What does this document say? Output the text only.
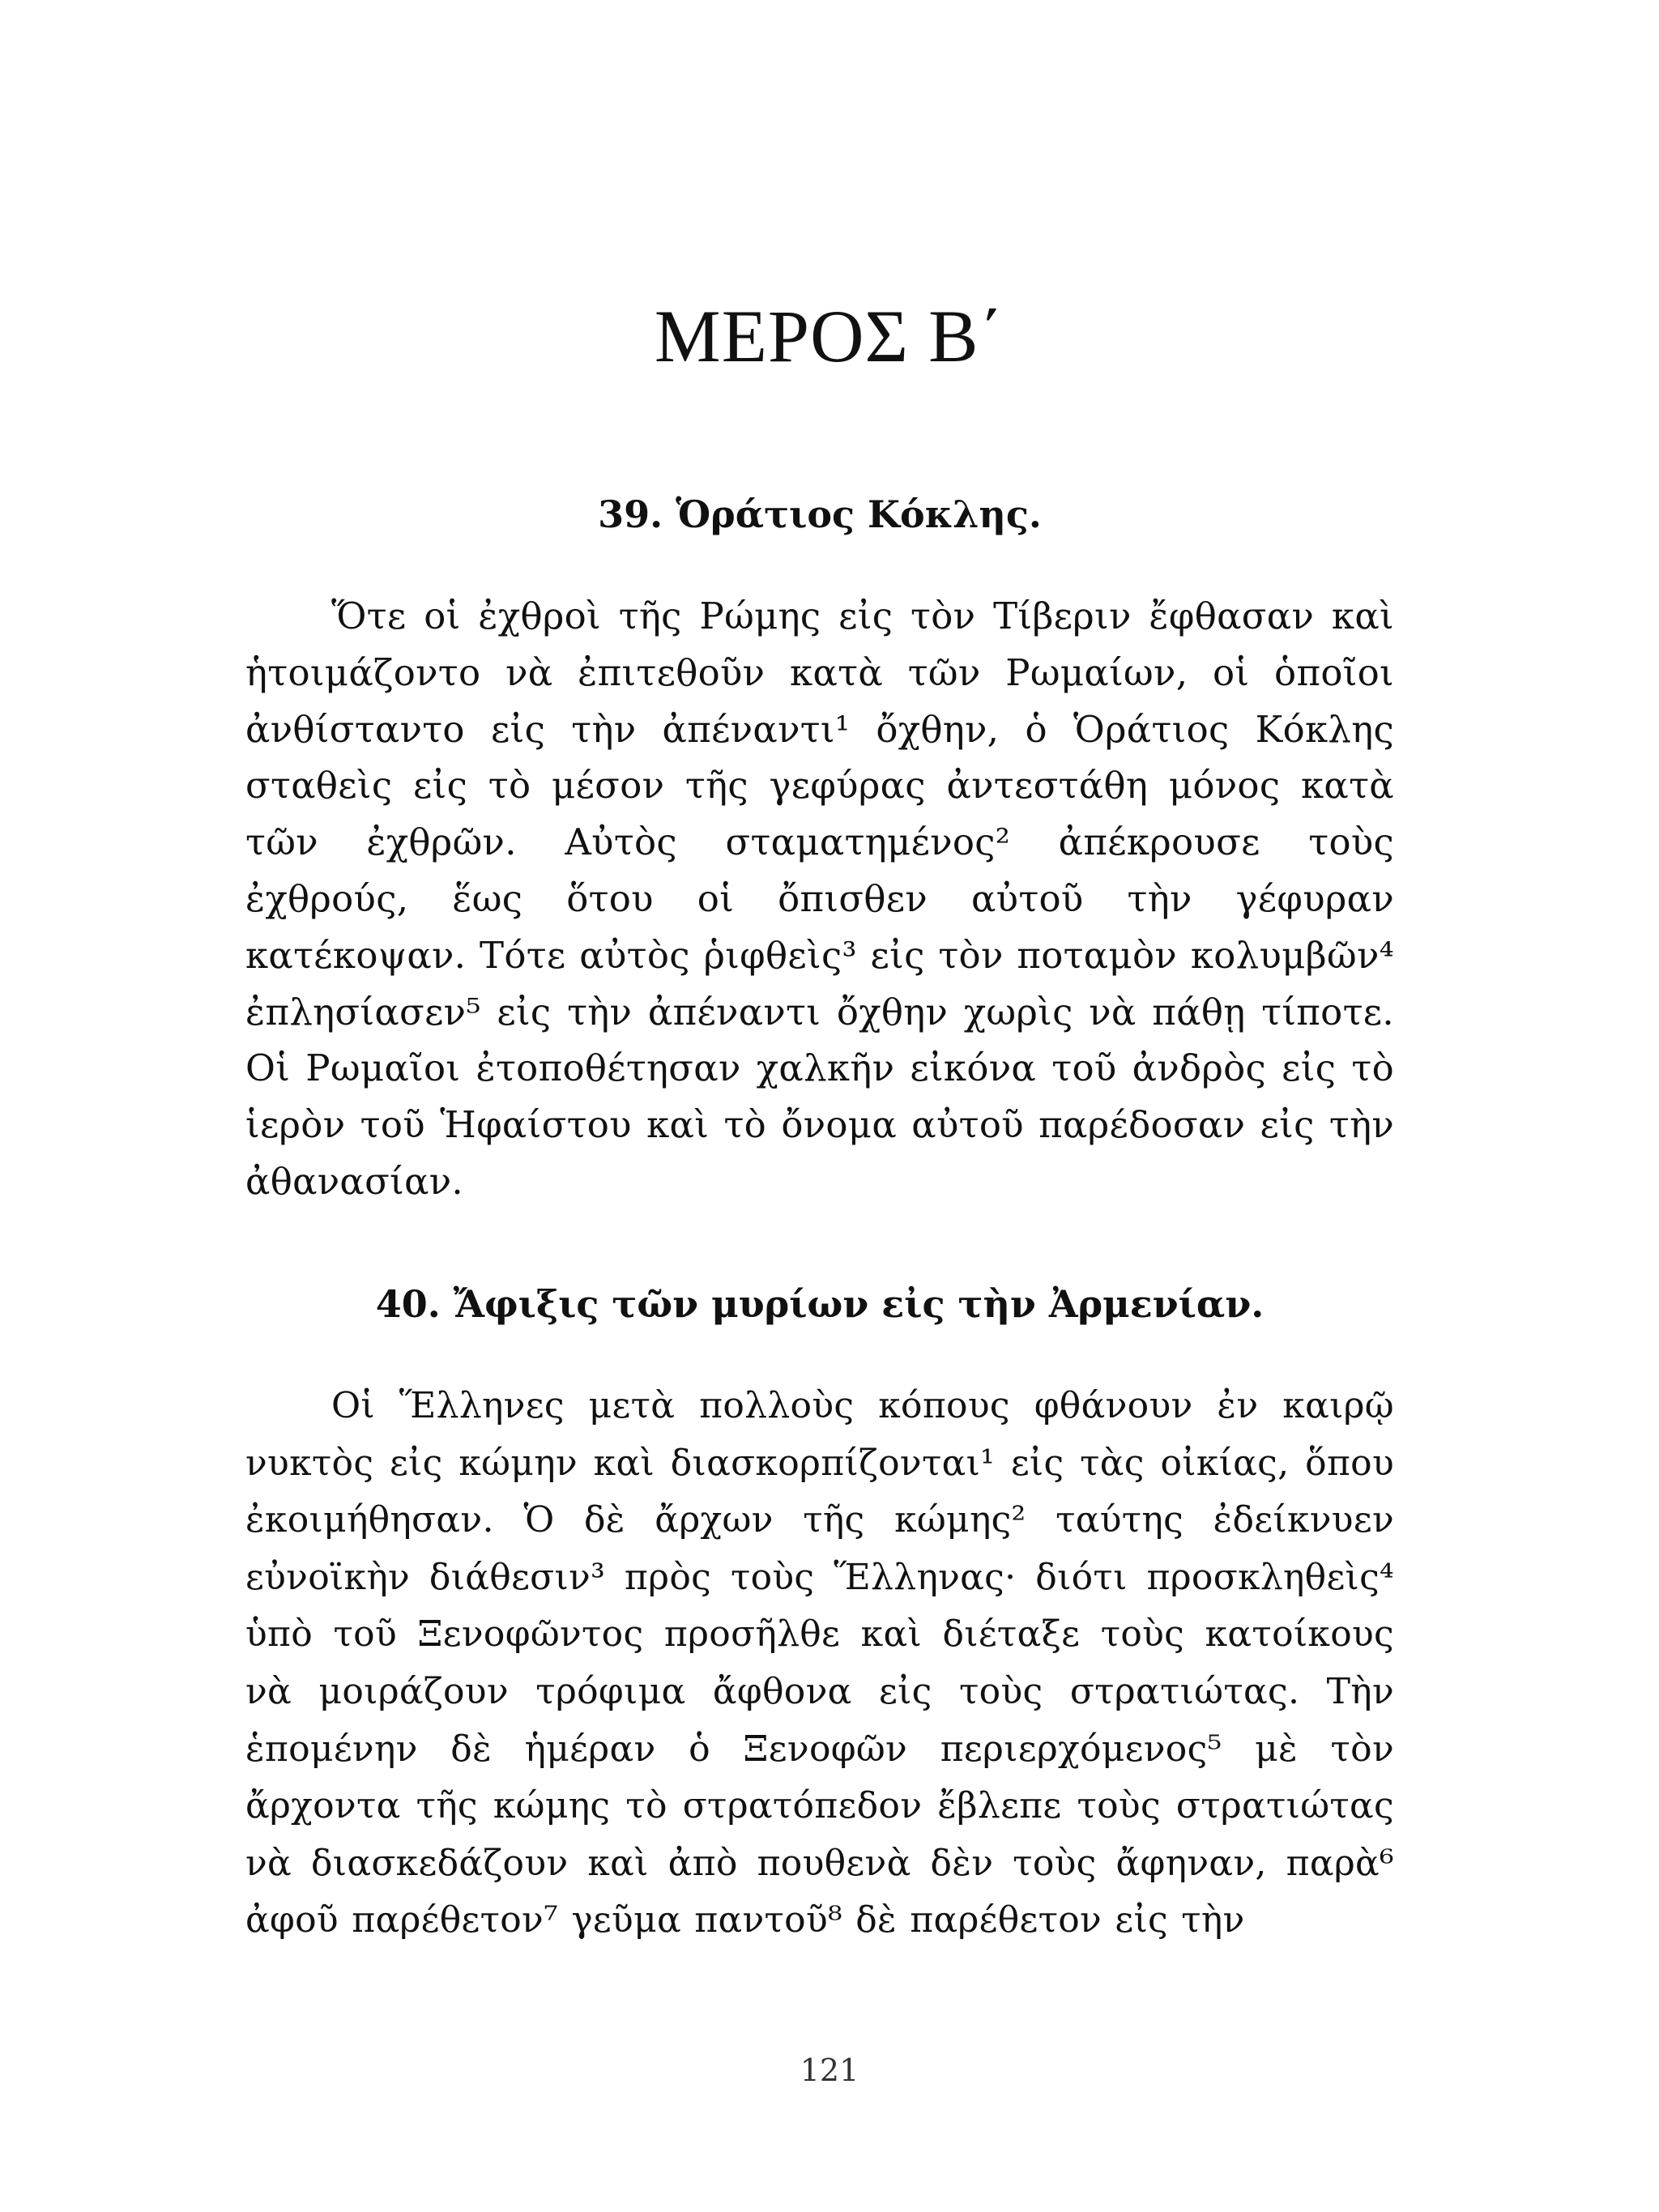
ΜΕΡΟΣ Β΄
39. Ὁράτιος Κόκλης.

Ὅτε οἱ ἐχθροὶ τῆς Ρώμης εἰς τὸν Τίβεριν ἔφθασαν καὶ ἡτοιμάζοντο νὰ ἐπιτεθοῦν κατὰ τῶν Ρωμαίων, οἱ ὁποῖοι ἀνθίσταντο εἰς τὴν ἀπέναντι¹ ὄχθην, ὁ Ὁράτιος Κόκλης σταθεὶς εἰς τὸ μέσον τῆς γεφύρας ἀντεστάθη μόνος κατὰ τῶν ἐχθρῶν. Αὐτὸς σταματημένος² ἀπέκρουσε τοὺς ἐχθρούς, ἕως ὅτου οἱ ὄπισθεν αὐτοῦ τὴν γέφυραν κατέκοψαν. Τότε αὐτὸς ῥιφθεὶς³ εἰς τὸν ποταμὸν κολυμβῶν⁴ ἐπλησίασεν⁵ εἰς τὴν ἀπέναντι ὄχθην χωρὶς νὰ πάθῃ τίποτε. Οἱ Ρωμαῖοι ἐτοποθέτησαν χαλκῆν εἰκόνα τοῦ ἀνδρὸς εἰς τὸ ἱερὸν τοῦ Ἡφαίστου καὶ τὸ ὄνομα αὐτοῦ παρέδοσαν εἰς τὴν ἀθανασίαν.

40. Ἄφιξις τῶν μυρίων εἰς τὴν Ἀρμενίαν.

Οἱ Ἕλληνες μετὰ πολλοὺς κόπους φθάνουν ἐν καιρῷ νυκτὸς εἰς κώμην καὶ διασκορπίζονται¹ εἰς τὰς οἰκίας, ὅπου ἐκοιμήθησαν. Ὁ δὲ ἄρχων τῆς κώμης² ταύτης ἐδείκνυεν εὐνοϊκὴν διάθεσιν³ πρὸς τοὺς Ἕλληνας· διότι προσκληθεὶς⁴ ὑπὸ τοῦ Ξενοφῶντος προσῆλθε καὶ διέταξε τοὺς κατοίκους νὰ μοιράζουν τρόφιμα ἄφθονα εἰς τοὺς στρατιώτας. Τὴν ἑπομένην δὲ ἡμέραν ὁ Ξενοφῶν περιερχόμενος⁵ μὲ τὸν ἄρχοντα τῆς κώμης τὸ στρατόπεδον ἔβλεπε τοὺς στρατιώτας νὰ διασκεδάζουν καὶ ἀπὸ πουθενὰ δὲν τοὺς ἄφηναν, παρὰ⁶ ἀφοῦ παρέθετον⁷ γεῦμα παντοῦ⁸ δὲ παρέθετον εἰς τὴν

121
